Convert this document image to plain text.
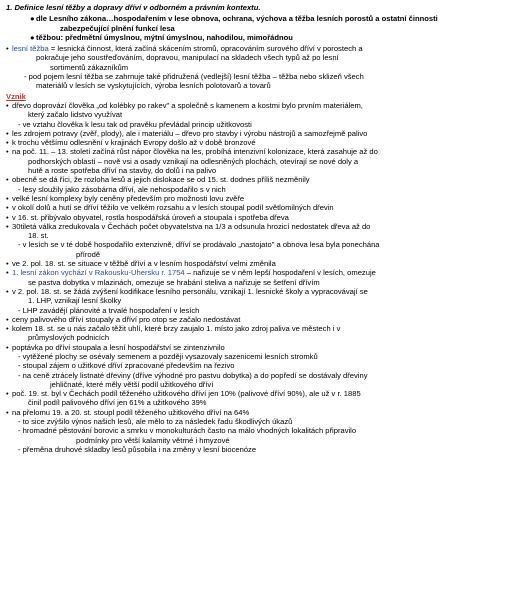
1. Definice lesní těžby a dopravy dříví v odborném a právním kontextu.
●dle Lesního zákona…hospodařením v lese obnova, ochrana, výchova a těžba lesních porostů a ostatní činnosti
zabezpečující plnění funkcí lesa
●těžbou: předmětní úmyslnou, mýtní úmyslnou, nahodilou, mimořádnou
• lesní těžba = lesnická činnost, která začíná skácením stromů, opracováním surového dříví v porostech a
pokračuje jeho soustřeďováním, dopravou, manipulací na skladech všech typů až po lesní
sortimentů zákazníkům
- pod pojem lesní těžba se zahrnuje také přidružená (vedlejší) lesní těžba – těžba nebo sklizeň všech
materiálů v lesích se vyskytujících, výroba lesních polotovarů a tovarů
Vznik
• dřevo doprovází člověka „od kolébky po rakev" a společně s kamenem a kostmi bylo prvním materiálem,
který začalo lidstvo využívat
- ve vztahu člověka k lesu tak od pravěku převládal princip užitkovosti
• les zdrojem potravy (zvěř, plody), ale i materiálu – dřevo pro stavby i výrobu nástrojů a samozřejmě palivo
• k trochu většímu odlesnění v krajinách Evropy došlo až v době bronzové
• na poč. 11. – 13. století začíná růst nápor člověka na les, probíhá intenzivní kolonizace, která zasahuje až do
podhorských oblastí – nově vsi a osady vznikají na odlesněných plochách, otevírají se nové doly a
hutě a roste spotřeba dříví na stavby, do dolů i na palivo
• obecně se dá říci, že rozloha lesů a jejich dislokace se od 15. st. dodnes příliš nezměnily
- lesy sloužily jako zásobárna dříví, ale nehospodařilo s v nich
• velké lesní komplexy byly ceněny především pro možnosti lovu zvěře
• v okolí dolů a hutí se dříví těžilo ve velkém rozsahu a v lesích stoupal podíl světlomilných dřevin
• v 16. st. přibývalo obyvatel, rostla hospodářská úroveň a stoupala i spotřeba dřeva
• 30tiletá válka zredukovala v Čechách počet obyvatelstva na 1/3 a odsunula hrozicí nedostatek dřeva až do
18. st.
- v lesích se v té době hospodařilo extenzivně, dříví se prodávalo „nastojato" a obnova lesa byla ponechána
přírodě
• ve 2. pol. 18. st. se situace v těžbě dříví a v lesním hospodářství velmi změnila
• 1. lesní zákon vychází v Rakousku-Uhersku r. 1754 – nařizuje se v něm lepší hospodaření v lesích, omezuje
se pastva dobytka v mlazinách, omezuje se hrabání steliva a nařizuje se šetření dřívím
• v 2. pol. 18. st. se žádá zvýšení kodifikace lesního personálu, vznikají 1. lesnické školy a vypracovávají se
1. LHP, vznikají lesní školky
- LHP zavádějí plánovité a trvalé hospodaření v lesích
• ceny palivového dříví stoupaly a dříví pro otop se začalo nedostávat
• kolem 18. st. se u nás začalo těžit uhlí, které brzy zaujalo 1. místo jako zdroj paliva ve městech i v
průmyslových podnicích
• poptávka po dříví stoupala a lesní hospodářství se zintenzivnilo
- vytěžené plochy se osévaly semenem a později vysazovaly sazenicemi lesních stromků
- stoupal zájem o užitkové dříví zpracované především na řezivo
- na ceně ztrácely listnaté dřeviny (dříve výhodné pro pastvu dobytka) a do popředí se dostávaly dřeviny
jehličnaté, které měly větší podíl užitkového dříví
• poč. 19. st. byl v Čechách podíl těženého užitkového dříví jen 10% (palivové dříví 90%), ale už v r. 1885
činil podíl palivového dříví jen 61% a užitkového 39%
• na přelomu 19. a 20. st. stoupl podíl těženého užitkového dříví na 64%
- to sice zvýšilo výnos našich lesů, ale mělo to za následek řadu škodlivých úkazů
- hromadné pěstování borovic a smrku v monokulturách často na málo vhodných lokalitách připravilo
podmínky pro větší kalamity větrné i hmyzové
- přeměna druhové skladby lesů působila i na změny v lesní biocenóze
